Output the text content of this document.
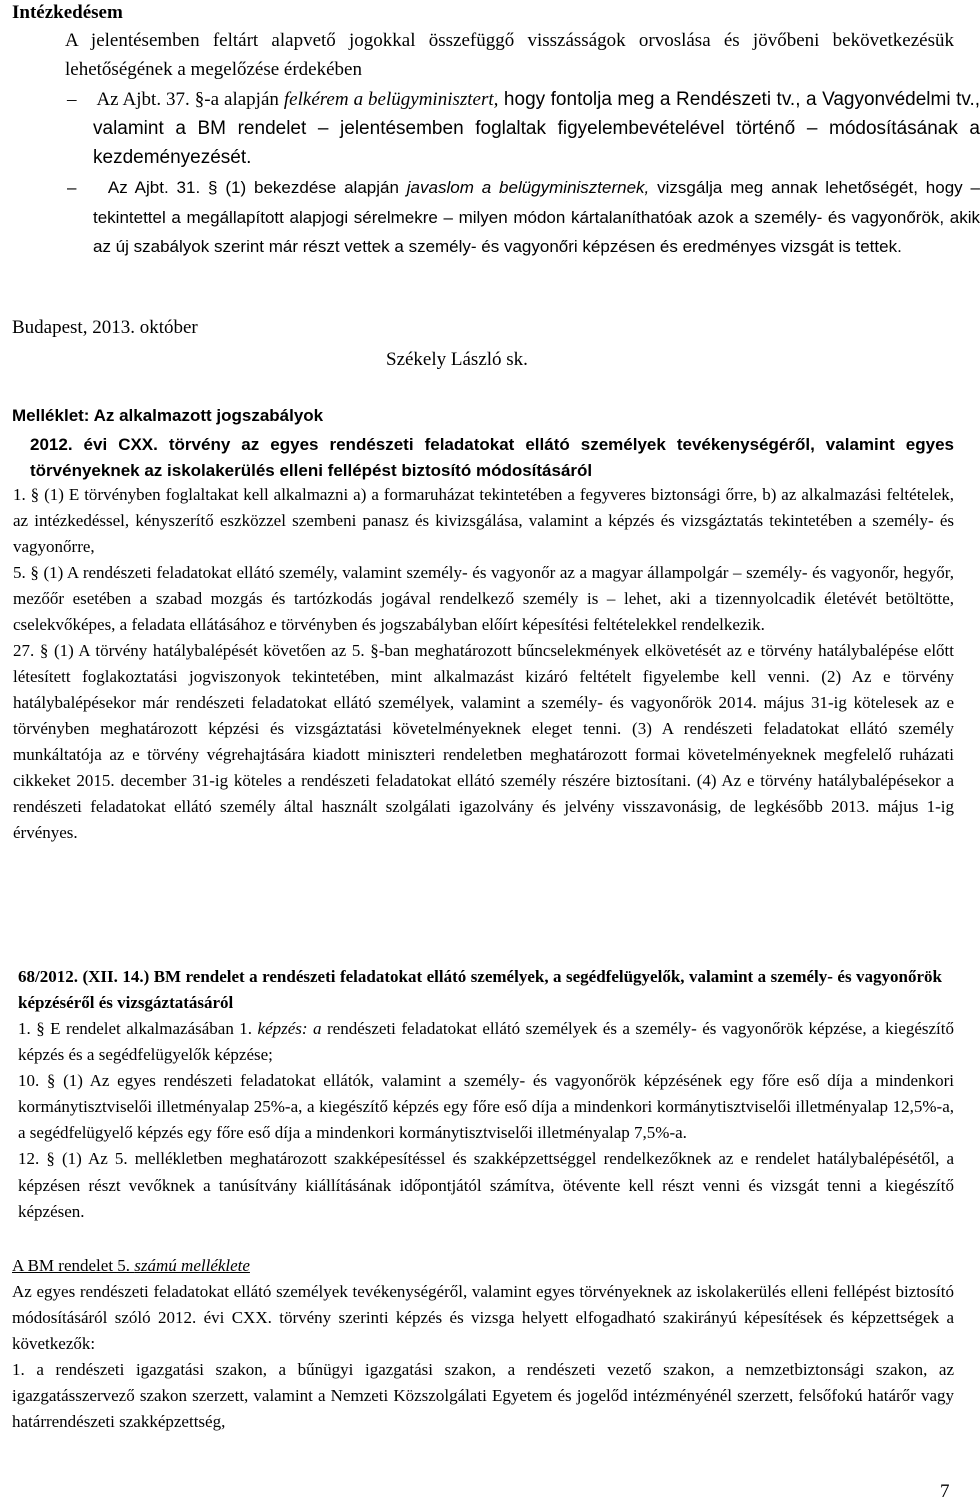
Intézkedésem

A jelentésemben feltárt alapvető jogokkal összefüggő visszásságok orvoslása és jövőbeni bekövetkezésük lehetőségének a megelőzése érdekében

– Az Ajbt. 37. §-a alapján felkérem a belügyminisztert, hogy fontolja meg a Rendészeti tv., a Vagyonvédelmi tv., valamint a BM rendelet – jelentésemben foglaltak figyelembevételével történő – módosításának a kezdeményezését.

– Az Ajbt. 31. § (1) bekezdése alapján javaslom a belügyminiszternek, vizsgálja meg annak lehetőségét, hogy – tekintettel a megállapított alapjogi sérelmekre – milyen módon kártalaníthatóak azok a személy- és vagyonőrök, akik az új szabályok szerint már részt vettek a személy- és vagyonőri képzésen és eredményes vizsgát is tettek.

Budapest, 2013. október
Székely László sk.
Melléklet: Az alkalmazott jogszabályok

2012. évi CXX. törvény az egyes rendészeti feladatokat ellátó személyek tevékenységéről, valamint egyes törvényeknek az iskolakerülés elleni fellépést biztosító módosításáról

1. § (1) E törvényben foglaltakat kell alkalmazni a) a formaruházat tekintetében a fegyveres biztonsági őrre, b) az alkalmazási feltételek, az intézkedéssel, kényszerítő eszközzel szembeni panasz és kivizsgálása, valamint a képzés és vizsgáztatás tekintetében a személy- és vagyonőrre,

5. § (1) A rendészeti feladatokat ellátó személy, valamint személy- és vagyonőr az a magyar állampolgár – személy- és vagyonőr, hegyőr, mezőőr esetében a szabad mozgás és tartózkodás jogával rendelkező személy is – lehet, aki a tizennyolcadik életévét betöltötte, cselekvőképes, a feladata ellátásához e törvényben és jogszabályban előírt képesítési feltételekkel rendelkezik.

27. § (1) A törvény hatálybalépését követően az 5. §-ban meghatározott bűncselekmények elkövetését az e törvény hatálybalépése előtt létesített foglakoztatási jogviszonyok tekintetében, mint alkalmazást kizáró feltételt figyelembe kell venni. (2) Az e törvény hatálybalépésekor már rendészeti feladatokat ellátó személyek, valamint a személy- és vagyonőrök 2014. május 31-ig kötelesek az e törvényben meghatározott képzési és vizsgáztatási követelményeknek eleget tenni. (3) A rendészeti feladatokat ellátó személy munkáltatója az e törvény végrehajtására kiadott miniszteri rendeletben meghatározott formai követelményeknek megfelelő ruházati cikkeket 2015. december 31-ig köteles a rendészeti feladatokat ellátó személy részére biztosítani. (4) Az e törvény hatálybalépésekor a rendészeti feladatokat ellátó személy által használt szolgálati igazolvány és jelvény visszavonásig, de legkésőbb 2013. május 1-ig érvényes.

68/2012. (XII. 14.) BM rendelet a rendészeti feladatokat ellátó személyek, a segédfelügyelők, valamint a személy- és vagyonőrök képzéséről és vizsgáztatásáról

1. § E rendelet alkalmazásában 1. képzés: a rendészeti feladatokat ellátó személyek és a személy- és vagyonőrök képzése, a kiegészítő képzés és a segédfelügyelők képzése;

10. § (1) Az egyes rendészeti feladatokat ellátók, valamint a személy- és vagyonőrök képzésének egy főre eső díja a mindenkori kormánytisztviselői illetményalap 25%-a, a kiegészítő képzés egy főre eső díja a mindenkori kormánytisztviselői illetményalap 12,5%-a, a segédfelügyelő képzés egy főre eső díja a mindenkori kormánytisztviselői illetményalap 7,5%-a.

12. § (1) Az 5. mellékletben meghatározott szakképesítéssel és szakképzettséggel rendelkezőknek az e rendelet hatálybalépésétől, a képzésen részt vevőknek a tanúsítvány kiállításának időpontjától számítva, ötévente kell részt venni és vizsgát tenni a kiegészítő képzésen.

A BM rendelet 5. számú melléklete

Az egyes rendészeti feladatokat ellátó személyek tevékenységéről, valamint egyes törvényeknek az iskolakerülés elleni fellépést biztosító módosításáról szóló 2012. évi CXX. törvény szerinti képzés és vizsga helyett elfogadható szakirányú képesítések és képzettségek a következők:

1. a rendészeti igazgatási szakon, a bűnügyi igazgatási szakon, a rendészeti vezető szakon, a nemzetbiztonsági szakon, az igazgatásszervező szakon szerzett, valamint a Nemzeti Közszolgálati Egyetem és jogelőd intézményénél szerzett, felsőfokú határőr vagy határrendészeti szakképzettség,

7
